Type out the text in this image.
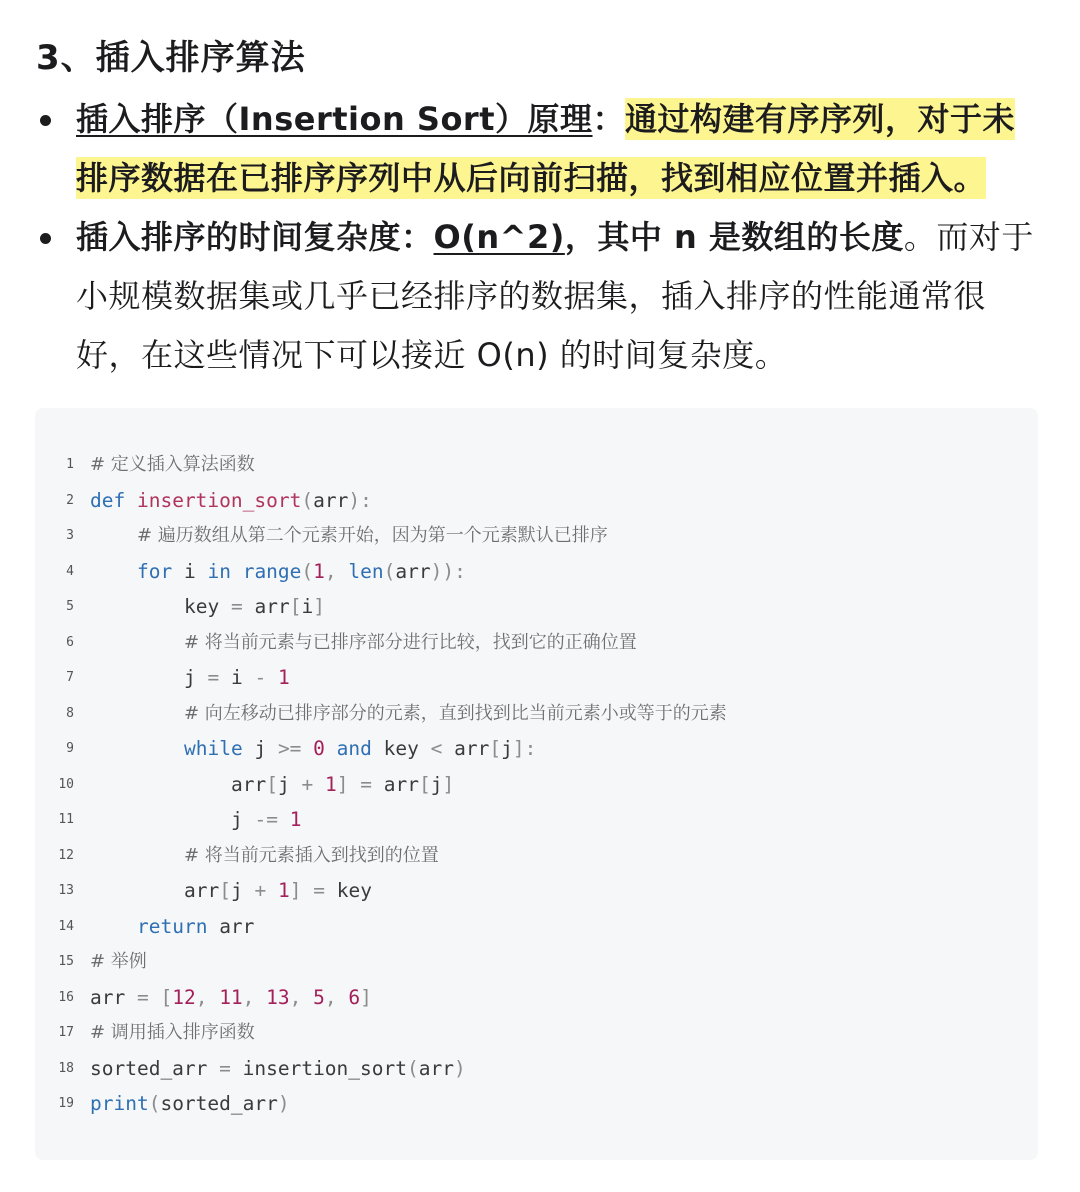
3、插入排序算法
插入排序（Insertion Sort）原理：通过构建有序序列，对于未排序数据在已排序序列中从后向前扫描，找到相应位置并插入。
插入排序的时间复杂度：O(n^2)，其中 n 是数组的长度。而对于小规模数据集或几乎已经排序的数据集，插入排序的性能通常很好，在这些情况下可以接近 O(n) 的时间复杂度。
1 # 定义插入算法函数
2 def insertion_sort(arr):
3	# 遍历数组从第二个元素开始，因为第一个元素默认已排序
4	for i in range(1, len(arr)):
5	key = arr[i]
6	# 将当前元素与已排序部分进行比较，找到它的正确位置
7	j = i - 1
8	# 向左移动已排序部分的元素，直到找到比当前元素小或等于的元素
9	while j >= 0 and key < arr[j]:
10	arr[j + 1] = arr[j]
11	j -= 1
12	# 将当前元素插入到找到的位置
13	arr[j + 1] = key
14	return arr
15 # 举例
16 arr = [12, 11, 13, 5, 6]
17 # 调用插入排序函数
18 sorted_arr = insertion_sort(arr)
19 print(sorted_arr)
